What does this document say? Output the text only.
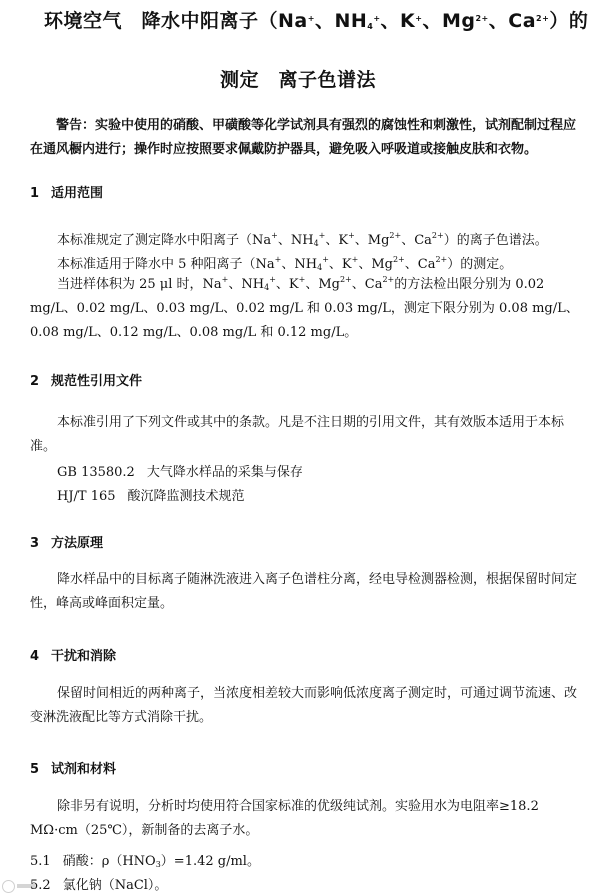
环境空气　降水中阳离子（Na+、$NH_4^+$、K+、$Mg^{2+}$、$Ca^{2+}$）的
测定　离子色谱法
警告：实验中使用的硝酸、甲磺酸等化学试剂具有强烈的腐蚀性和刺激性，试剂配制过程应在通风橱内进行；操作时应按照要求佩戴防护器具，避免吸入呼吸道或接触皮肤和衣物。
1 适用范围
本标准规定了测定降水中阳离子（Na+、$NH_4^+$、K+、$Mg^{2+}$、$Ca^{2+}$）的离子色谱法。
本标准适用于降水中 5 种阳离子（Na+、$NH_4^+$、K+、$Mg^{2+}$、$Ca^{2+}$）的测定。
当进样体积为 25 μl 时，Na+、$NH_4^+$、K+、$Mg^{2+}$、$Ca^{2+}$的方法检出限分别为 0.02 mg/L、0.02 mg/L、0.03 mg/L、0.02 mg/L 和 0.03 mg/L，测定下限分别为 0.08 mg/L、0.08 mg/L、0.12 mg/L、0.08 mg/L 和 0.12 mg/L。
2 规范性引用文件
本标准引用了下列文件或其中的条款。凡是不注日期的引用文件，其有效版本适用于本标准。
GB 13580.2 大气降水样品的采集与保存
HJ/T 165 酸沉降监测技术规范
3 方法原理
降水样品中的目标离子随淋洗液进入离子色谱柱分离，经电导检测器检测，根据保留时间定性，峰高或峰面积定量。
4 干扰和消除
保留时间相近的两种离子，当浓度相差较大而影响低浓度离子测定时，可通过调节流速、改变淋洗液配比等方式消除干扰。
5 试剂和材料
除非另有说明，分析时均使用符合国家标准的优级纯试剂。实验用水为电阻率≥18.2 MΩ·cm（25℃），新制备的去离子水。
5.1 硝酸：$\rho(HNO_3)=1.42$ g/ml。
5.2 氯化钠（NaCl）。
